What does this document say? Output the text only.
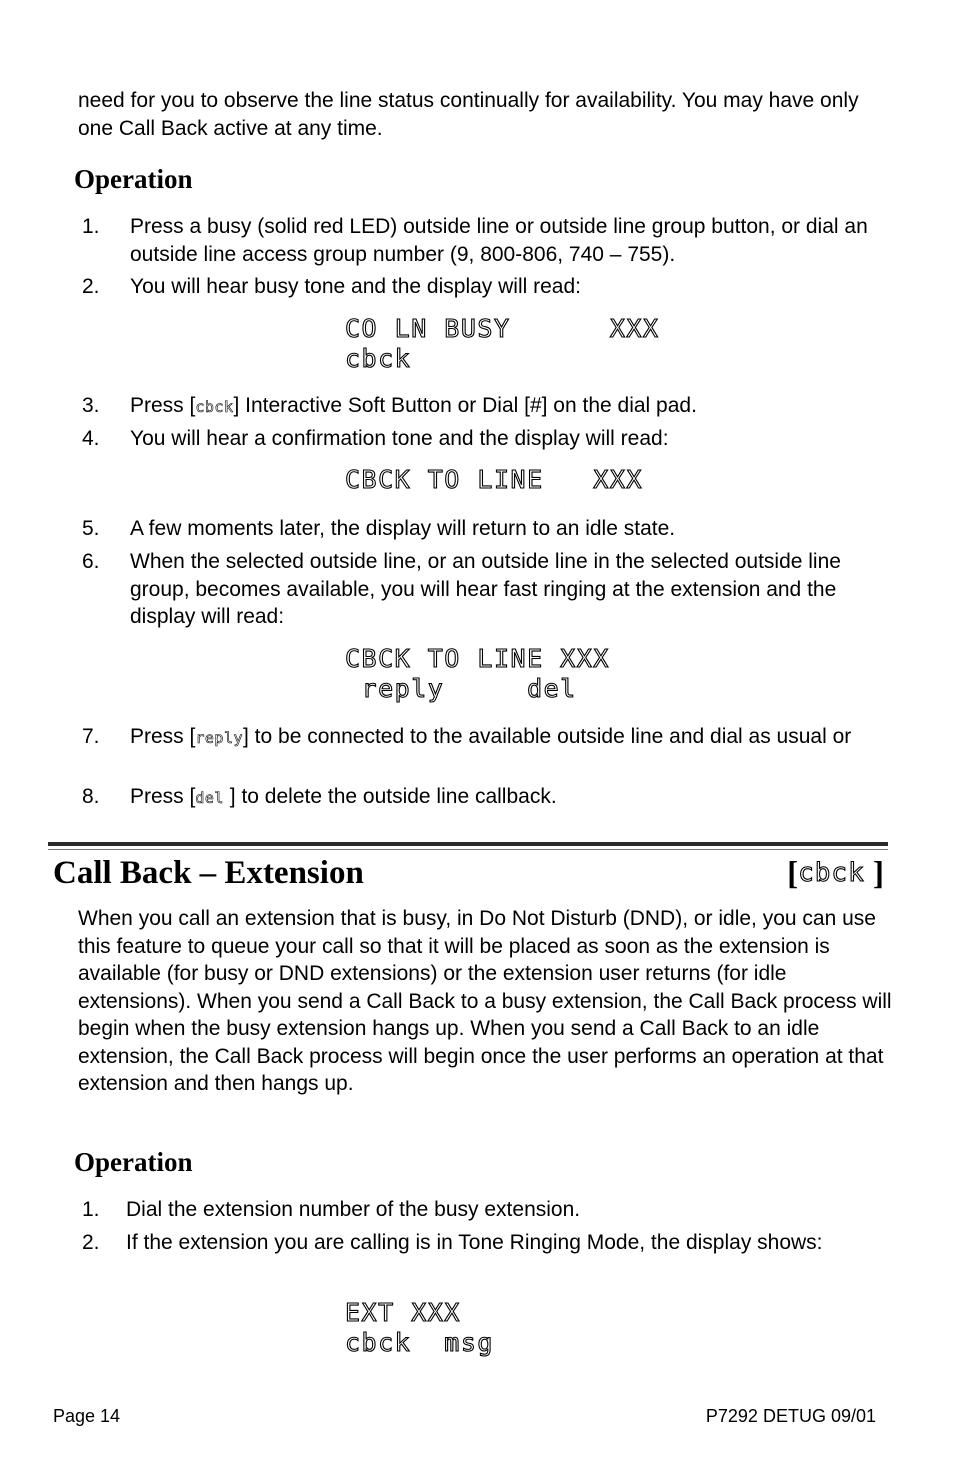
need for you to observe the line status continually for availability. You may have only one Call Back active at any time.

Operation
1. Press a busy (solid red LED) outside line or outside line group button, or dial an outside line access group number (9, 800-806, 740 – 755).
2. You will hear busy tone and the display will read:
CO LN BUSY      XXX
cbck
3. Press [cbck] Interactive Soft Button or Dial [#] on the dial pad.
4. You will hear a confirmation tone and the display will read:
CBCK TO LINE   XXX
5. A few moments later, the display will return to an idle state.
6. When the selected outside line, or an outside line in the selected outside line group, becomes available, you will hear fast ringing at the extension and the display will read:
CBCK TO LINE XXX
reply     del
7. Press [reply] to be connected to the available outside line and dial as usual or
8. Press [del ] to delete the outside line callback.
Call Back – Extension	[cbck ]

When you call an extension that is busy, in Do Not Disturb (DND), or idle, you can use this feature to queue your call so that it will be placed as soon as the extension is available (for busy or DND extensions) or the extension user returns (for idle extensions). When you send a Call Back to a busy extension, the Call Back process will begin when the busy extension hangs up. When you send a Call Back to an idle extension, the Call Back process will begin once the user performs an operation at that extension and then hangs up.

Operation
1. Dial the extension number of the busy extension.
2. If the extension you are calling is in Tone Ringing Mode, the display shows:
EXT XXX
cbck  msg
Page 14	P7292 DETUG 09/01
